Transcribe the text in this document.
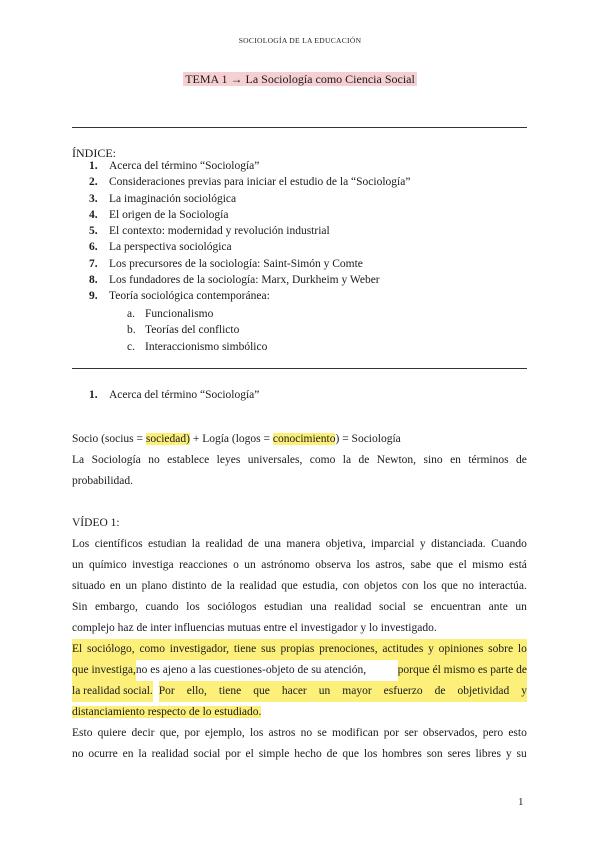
SOCIOLOGÍA DE LA EDUCACIÓN
TEMA 1 → La Sociología como Ciencia Social
ÍNDICE:
1. Acerca del término “Sociología”
2. Consideraciones previas para iniciar el estudio de la “Sociología”
3. La imaginación sociológica
4. El origen de la Sociología
5. El contexto: modernidad y revolución industrial
6. La perspectiva sociológica
7. Los precursores de la sociología: Saint-Simón y Comte
8. Los fundadores de la sociología: Marx, Durkheim y Weber
9. Teoría sociológica contemporánea:
a. Funcionalismo
b. Teorías del conflicto
c. Interaccionismo simbólico
1. Acerca del término “Sociología”
Socio (socius = sociedad) + Logía (logos = conocimiento) = Sociología
La Sociología no establece leyes universales, como la de Newton, sino en términos de
probabilidad.
VÍDEO 1:
Los científicos estudian la realidad de una manera objetiva, imparcial y distanciada. Cuando
un químico investiga reacciones o un astrónomo observa los astros, sabe que el mismo está
situado en un plano distinto de la realidad que estudia, con objetos con los que no interactúa.
Sin embargo, cuando los sociólogos estudian una realidad social se encuentran ante un
complejo haz de inter influencias mutuas entre el investigador y lo investigado.
El sociólogo, como investigador, tiene sus propias prenociones, actitudes y opiniones sobre lo
que investiga, no es ajeno a las cuestiones-objeto de su atención,	porque él mismo es parte de
la realidad social. Por ello, tiene que hacer un mayor esfuerzo de objetividad y
distanciamiento respecto de lo estudiado.
Esto quiere decir que, por ejemplo, los astros no se modifican por ser observados, pero esto
no ocurre en la realidad social por el simple hecho de que los hombres son seres libres y su
1
